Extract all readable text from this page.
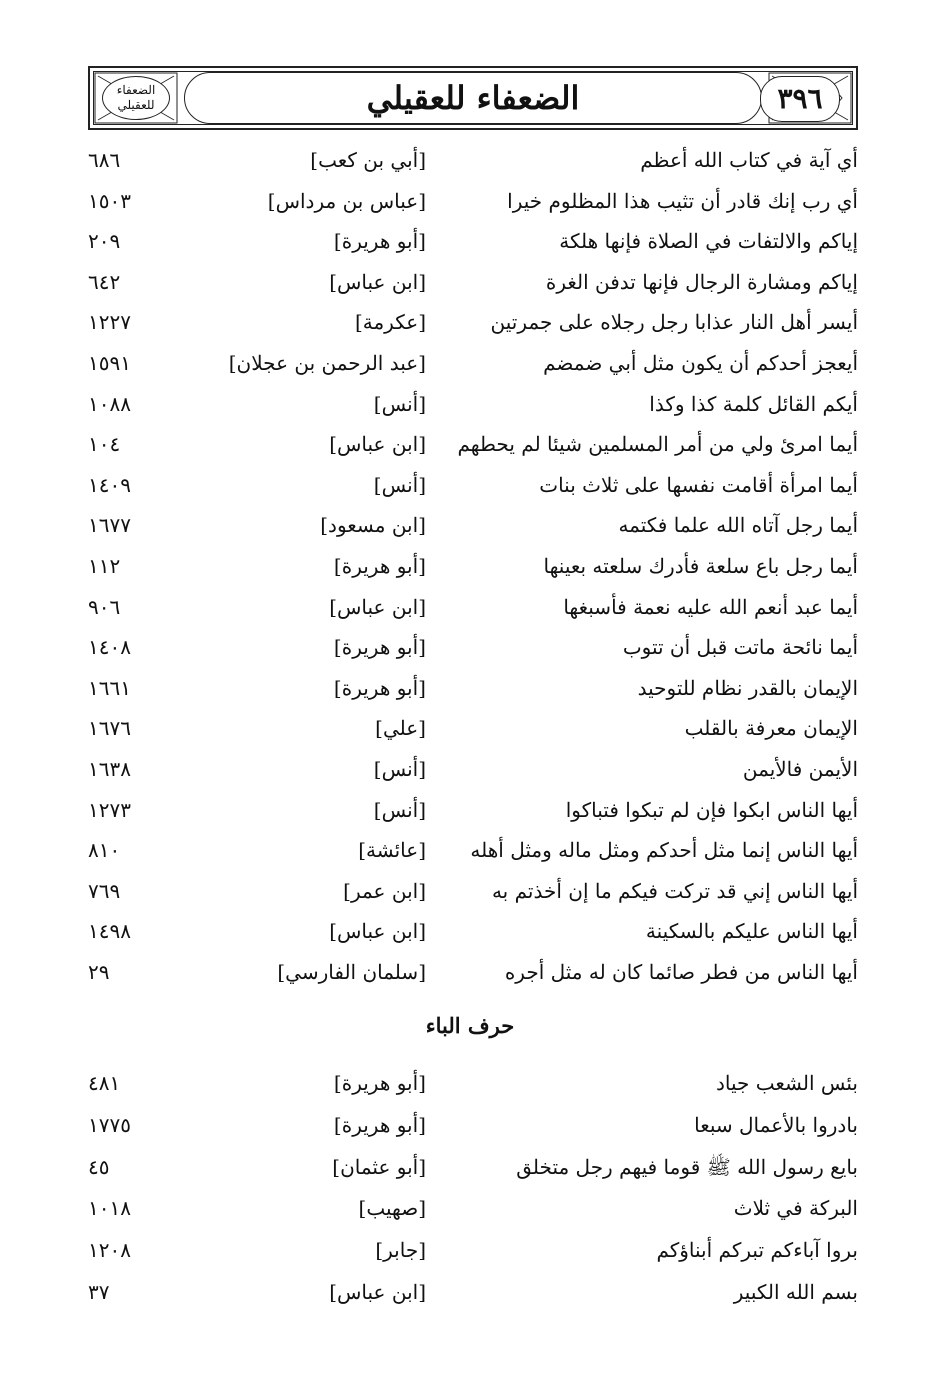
الضعفاء للعقيلي	٣٩٦
الضعفاء للعقيلي
أي آية في كتاب الله أعظم
[أبي بن كعب]
٦٨٦
أي رب إنك قادر أن تثيب هذا المظلوم خيرا
[عباس بن مرداس]
١٥٠٣
إياكم والالتفات في الصلاة فإنها هلكة
[أبو هريرة]
٢٠٩
إياكم ومشارة الرجال فإنها تدفن الغرة
[ابن عباس]
٦٤٢
أيسر أهل النار عذابا رجل رجلاه على جمرتين
[عكرمة]
١٢٢٧
أيعجز أحدكم أن يكون مثل أبي ضمضم
[عبد الرحمن بن عجلان]
١٥٩١
أيكم القائل كلمة كذا وكذا
[أنس]
١٠٨٨
أيما امرئ ولي من أمر المسلمين شيئا لم يحطهم
[ابن عباس]
١٠٤
أيما امرأة أقامت نفسها على ثلاث بنات
[أنس]
١٤٠٩
أيما رجل آتاه الله علما فكتمه
[ابن مسعود]
١٦٧٧
أيما رجل باع سلعة فأدرك سلعته بعينها
[أبو هريرة]
١١٢
أيما عبد أنعم الله عليه نعمة فأسبغها
[ابن عباس]
٩٠٦
أيما نائحة ماتت قبل أن تتوب
[أبو هريرة]
١٤٠٨
الإيمان بالقدر نظام للتوحيد
[أبو هريرة]
١٦٦١
الإيمان معرفة بالقلب
[علي]
١٦٧٦
الأيمن فالأيمن
[أنس]
١٦٣٨
أيها الناس ابكوا فإن لم تبكوا فتباكوا
[أنس]
١٢٧٣
أيها الناس إنما مثل أحدكم ومثل ماله ومثل أهله
[عائشة]
٨١٠
أيها الناس إني قد تركت فيكم ما إن أخذتم به
[ابن عمر]
٧٦٩
أيها الناس عليكم بالسكينة
[ابن عباس]
١٤٩٨
أيها الناس من فطر صائما كان له مثل أجره
[سلمان الفارسي]
٢٩
حرف الباء
بئس الشعب جياد
[أبو هريرة]
٤٨١
بادروا بالأعمال سبعا
[أبو هريرة]
١٧٧٥
بايع رسول الله ﷺ قوما فيهم رجل متخلق
[أبو عثمان]
٤٥
البركة في ثلاث
[صهيب]
١٠١٨
بروا آباءكم تبركم أبناؤكم
[جابر]
١٢٠٨
بسم الله الكبير
[ابن عباس]
٣٧
